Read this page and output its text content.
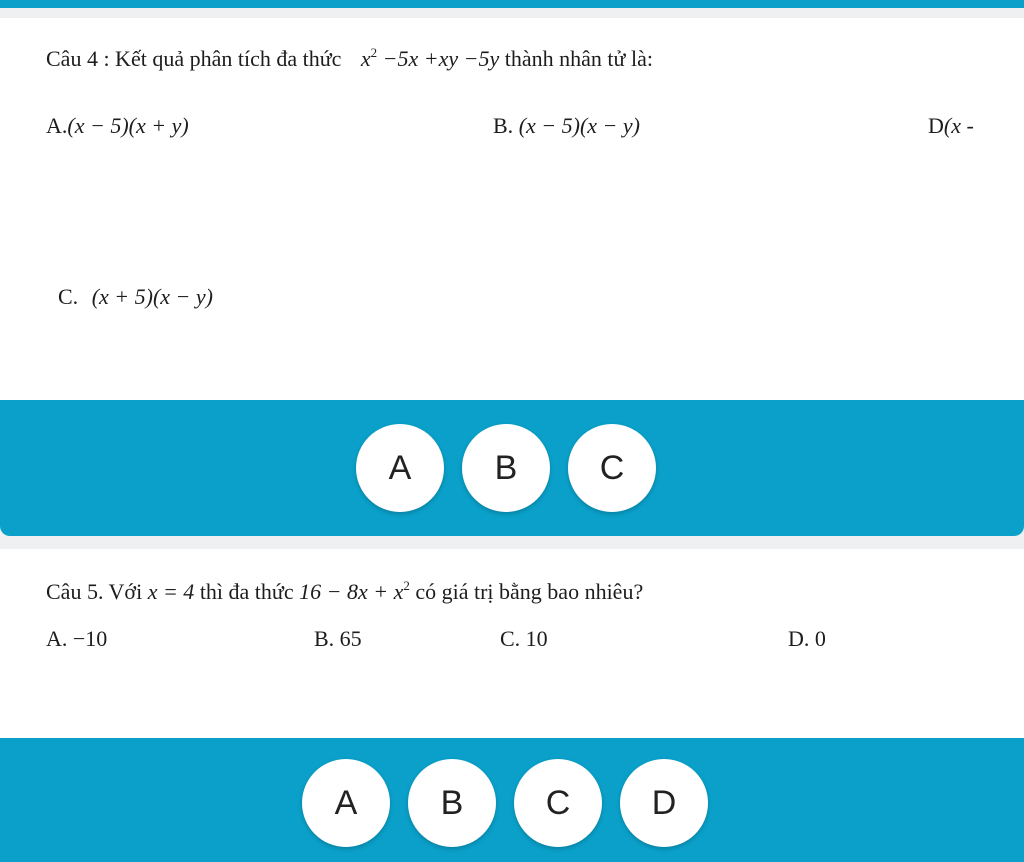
Câu 4 : Kết quả phân tích đa thức $x^2 -5x +xy -5y$ thành nhân tử là:
A.(x − 5)(x + y)	B. (x − 5)(x − y)	D(x -
C. (x + 5)(x − y)
A B C
Câu 5. Với x = 4 thì đa thức $16 - 8x + x^2$ có giá trị bằng bao nhiêu?
A. −10	B. 65	C. 10	D. 0
A B C D
